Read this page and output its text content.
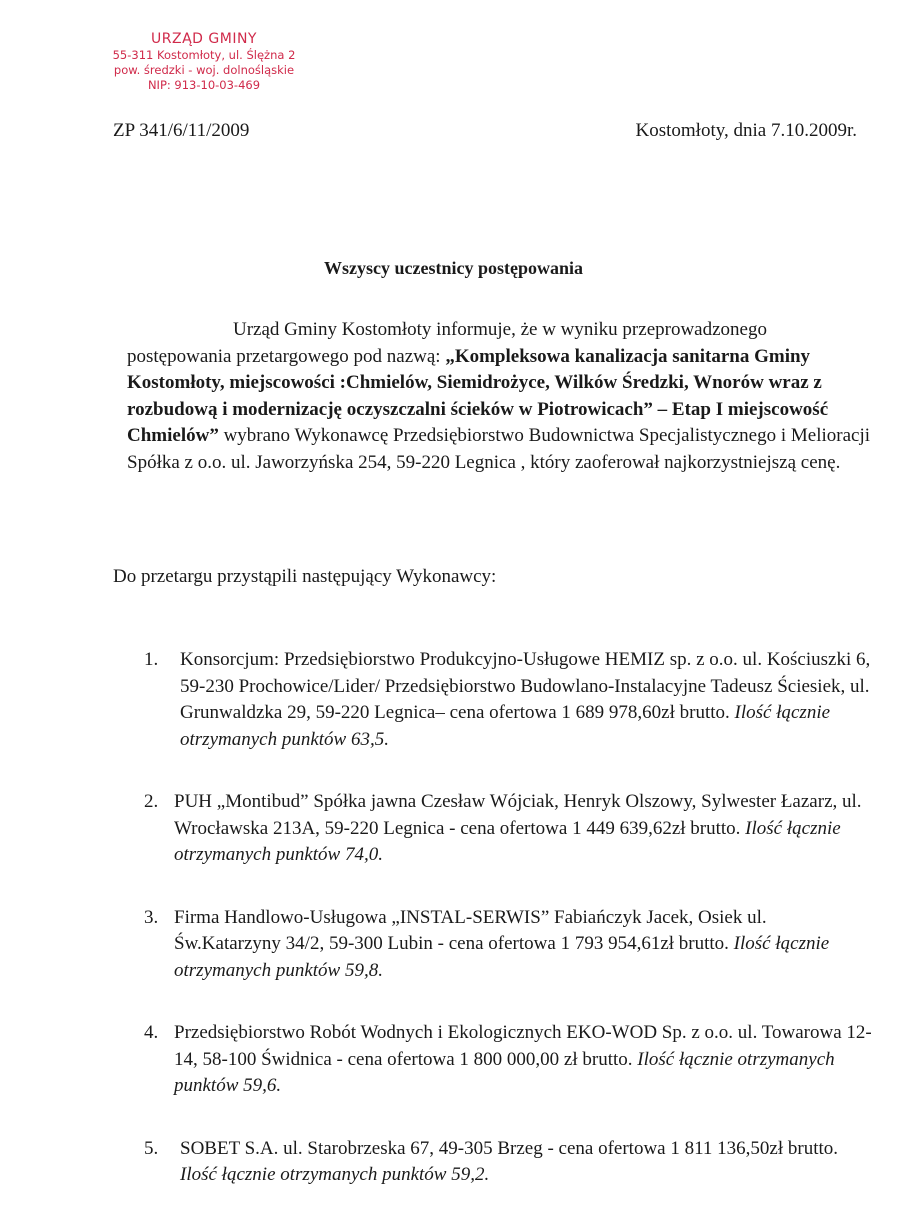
URZĄD GMINY
55-311 Kostomłoty, ul. Ślężna 2
pow. średzki - woj. dolnośląskie
NIP: 913-10-03-469
ZP 341/6/11/2009	Kostomłoty, dnia 7.10.2009r.
Wszyscy uczestnicy postępowania
Urząd Gminy Kostomłoty informuje, że w wyniku przeprowadzonego postępowania przetargowego pod nazwą: „Kompleksowa kanalizacja sanitarna Gminy Kostomłoty, miejscowości :Chmielów, Siemidrożyce, Wilków Średzki, Wnorów wraz z rozbudową i modernizację oczyszczalni ścieków w Piotrowicach” – Etap I miejscowość Chmielów” wybrano Wykonawcę Przedsiębiorstwo Budownictwa Specjalistycznego i Melioracji Spółka z o.o. ul. Jaworzyńska 254, 59-220 Legnica , który zaoferował najkorzystniejszą cenę.
Do przetargu przystąpili następujący Wykonawcy:
1. Konsorcjum: Przedsiębiorstwo Produkcyjno-Usługowe HEMIZ sp. z o.o. ul. Kościuszki 6, 59-230 Prochowice/Lider/ Przedsiębiorstwo Budowlano-Instalacyjne Tadeusz Ściesiek, ul. Grunwaldzka 29, 59-220 Legnica– cena ofertowa 1 689 978,60zł brutto. Ilość łącznie otrzymanych punktów 63,5.
2. PUH „Montibud” Spółka jawna Czesław Wójciak, Henryk Olszowy, Sylwester Łazarz, ul. Wrocławska 213A, 59-220 Legnica - cena ofertowa 1 449 639,62zł brutto. Ilość łącznie otrzymanych punktów 74,0.
3. Firma Handlowo-Usługowa „INSTAL-SERWIS” Fabiańczyk Jacek, Osiek ul. Św.Katarzyny 34/2, 59-300 Lubin - cena ofertowa 1 793 954,61zł brutto. Ilość łącznie otrzymanych punktów 59,8.
4. Przedsiębiorstwo Robót Wodnych i Ekologicznych EKO-WOD Sp. z o.o. ul. Towarowa 12-14, 58-100 Świdnica - cena ofertowa 1 800 000,00 zł brutto. Ilość łącznie otrzymanych punktów 59,6.
5. SOBET S.A. ul. Starobrzeska 67, 49-305 Brzeg - cena ofertowa 1 811 136,50zł brutto. Ilość łącznie otrzymanych punktów 59,2.
